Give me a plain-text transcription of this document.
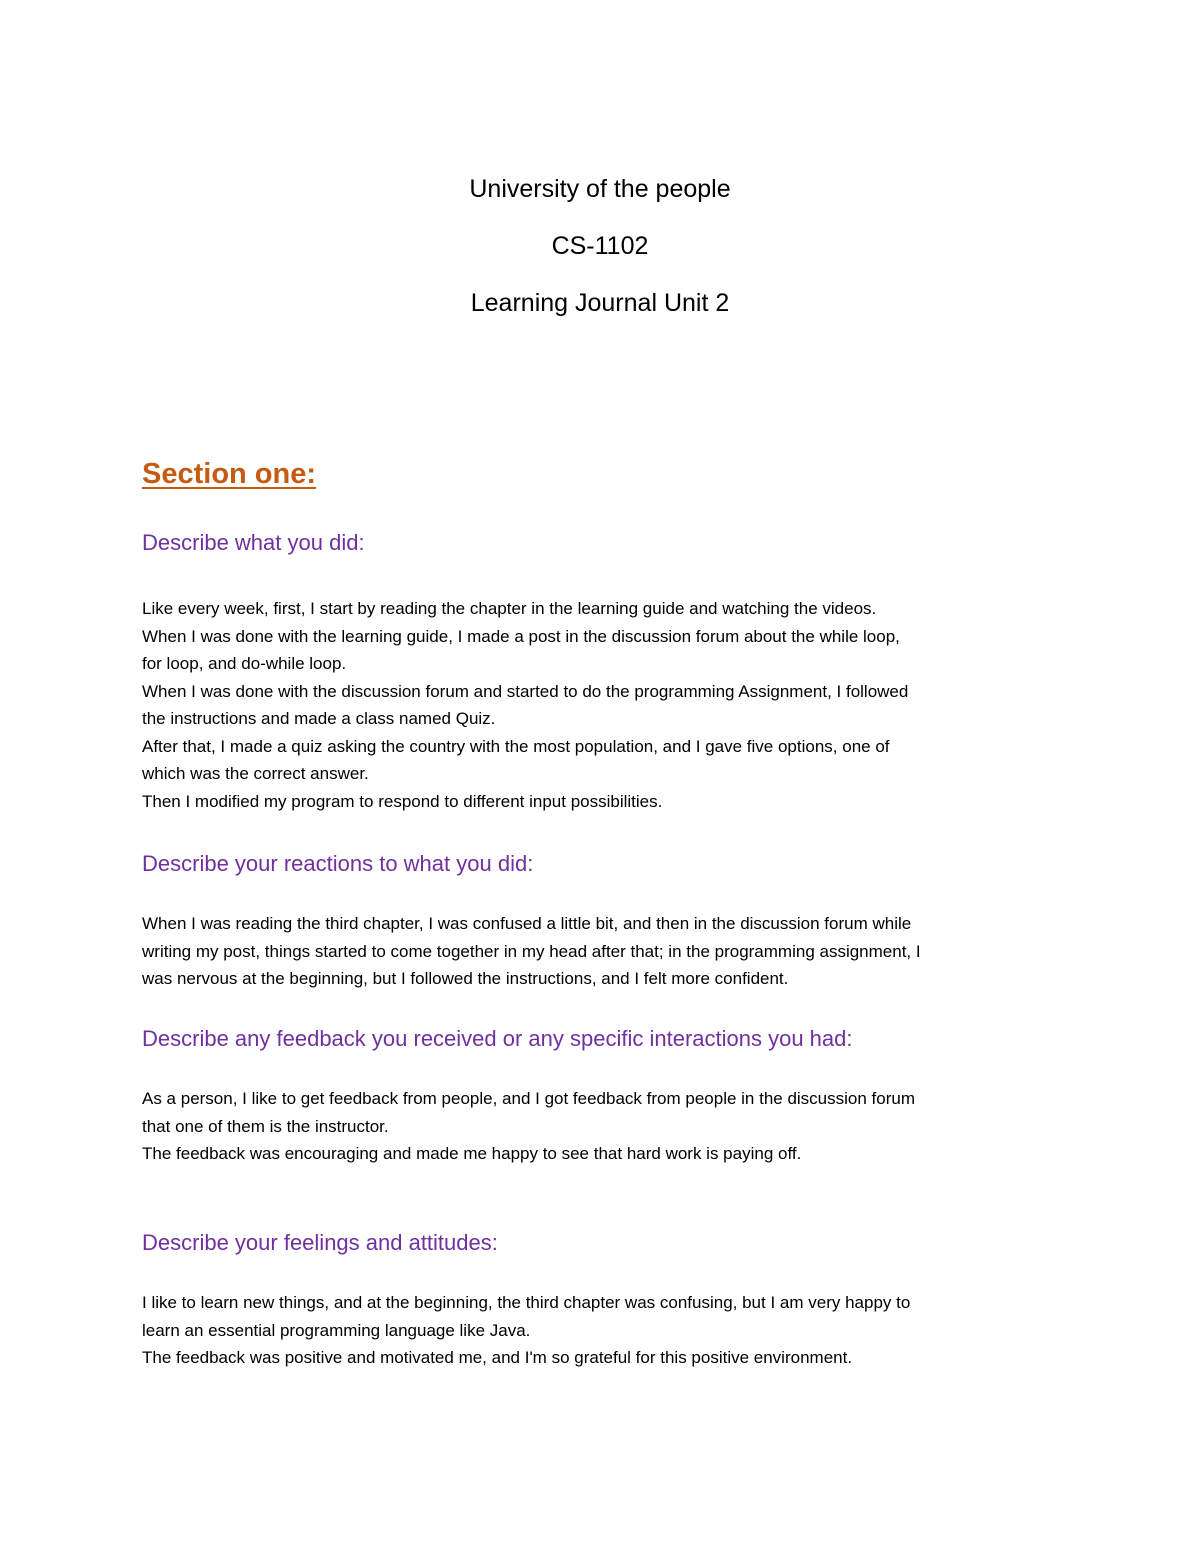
University of the people
CS-1102
Learning Journal Unit 2
Section one:
Describe what you did:
Like every week, first, I start by reading the chapter in the learning guide and watching the videos.
When I was done with the learning guide, I made a post in the discussion forum about the while loop,
for loop, and do-while loop.
When I was done with the discussion forum and started to do the programming Assignment, I followed
the instructions and made a class named Quiz.
After that, I made a quiz asking the country with the most population, and I gave five options, one of
which was the correct answer.
Then I modified my program to respond to different input possibilities.
Describe your reactions to what you did:
When I was reading the third chapter, I was confused a little bit, and then in the discussion forum while
writing my post, things started to come together in my head after that; in the programming assignment, I
was nervous at the beginning, but I followed the instructions, and I felt more confident.
Describe any feedback you received or any specific interactions you had:
As a person, I like to get feedback from people, and I got feedback from people in the discussion forum
that one of them is the instructor.
The feedback was encouraging and made me happy to see that hard work is paying off.
Describe your feelings and attitudes:
I like to learn new things, and at the beginning, the third chapter was confusing, but I am very happy to
learn an essential programming language like Java.
The feedback was positive and motivated me, and I'm so grateful for this positive environment.
